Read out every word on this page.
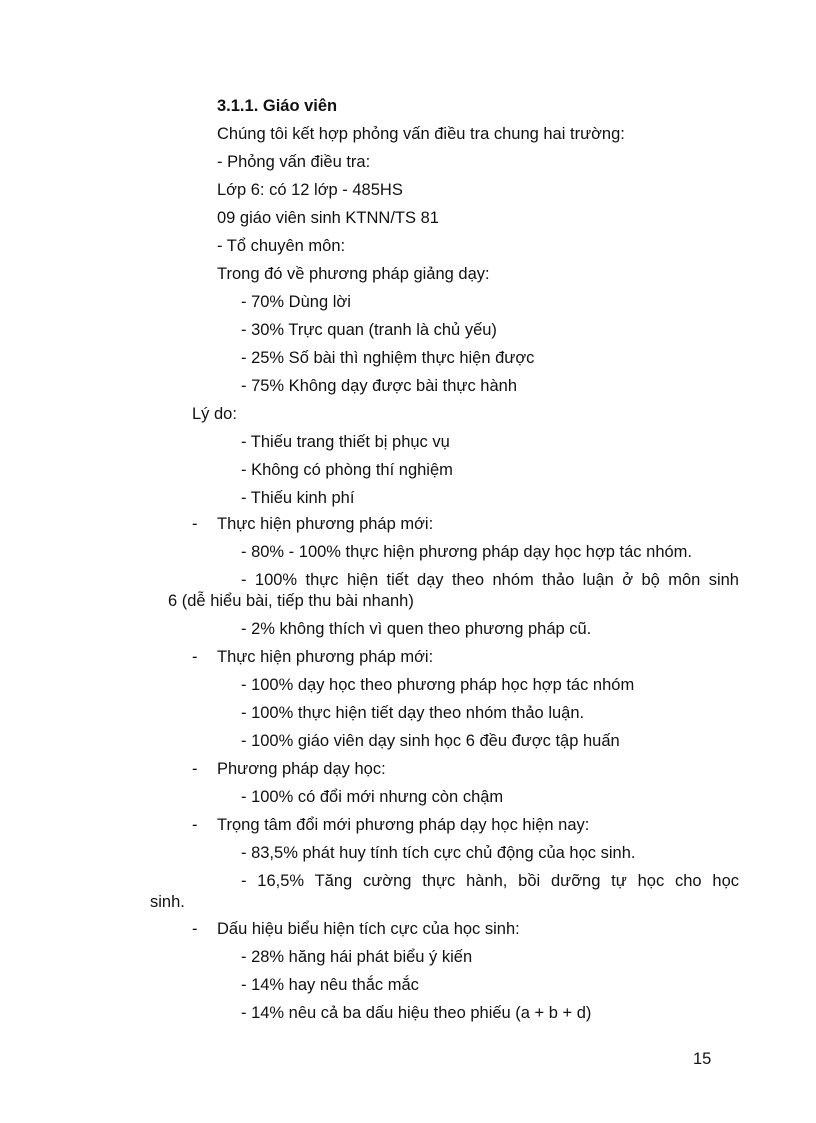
3.1.1. Giáo viên
Chúng tôi kết hợp phỏng vấn điều tra chung hai trường:
- Phỏng vấn điều tra:
Lớp 6: có 12 lớp - 485HS
09 giáo viên sinh KTNN/TS 81
- Tổ chuyên môn:
Trong đó về phương pháp giảng dạy:
- 70% Dùng lời
- 30% Trực quan (tranh là chủ yếu)
- 25% Số bài thì nghiệm thực hiện được
- 75% Không dạy được bài thực hành
Lý do:
- Thiếu trang thiết bị phục vụ
- Không có phòng thí nghiệm
- Thiếu kinh phí
- Thực hiện phương pháp mới:
- 80% - 100% thực hiện phương pháp dạy học hợp tác nhóm.
- 100% thực hiện tiết dạy theo nhóm thảo luận ở bộ môn sinh
6 (dễ hiểu bài, tiếp thu bài nhanh)
- 2% không thích vì quen theo phương pháp cũ.
- Thực hiện phương pháp mới:
- 100% dạy học theo phương pháp học hợp tác nhóm
- 100% thực hiện tiết dạy theo nhóm thảo luận.
- 100% giáo viên dạy sinh học 6 đều được tập huấn
- Phương pháp dạy học:
- 100% có đổi mới nhưng còn chậm
- Trọng tâm đổi mới phương pháp dạy học hiện nay:
- 83,5% phát huy tính tích cực chủ động của học sinh.
- 16,5% Tăng cường thực hành, bồi dưỡng tự học cho học
sinh.
- Dấu hiệu biểu hiện tích cực của học sinh:
- 28% hăng hái phát biểu ý kiến
- 14% hay nêu thắc mắc
- 14% nêu cả ba dấu hiệu theo phiếu (a + b + d)
15
